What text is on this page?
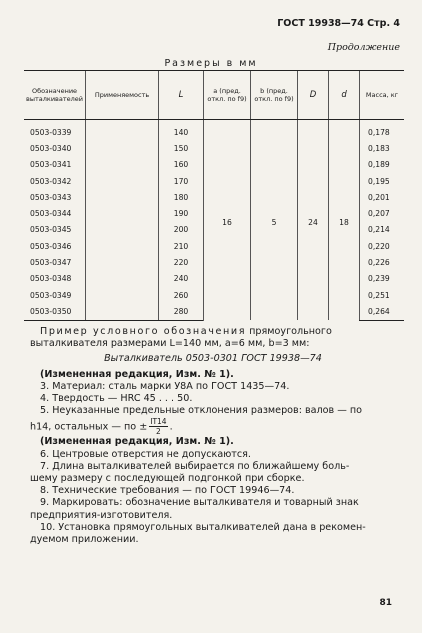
ГОСТ 19938—74 Стр. 4
Продолжение
Размеры в мм
Обозначение выталкивателей	Применяемость	L	a (пред. откл. по f9)	b (пред. откл. по f9)	D	d	Масса, кг
0503-0339		140	16	5	24	18	0,178
0503-0340		150					0,183
0503-0341		160					0,189
0503-0342		170					0,195
0503-0343		180					0,201
0503-0344		190					0,207
0503-0345		200					0,214
0503-0346		210					0,220
0503-0347		220					0,226
0503-0348		240					0,239
0503-0349		260					0,251
0503-0350		280					0,264

Пример условного обозначения прямоугольного

выталкивателя размерами L=140 мм, a=6 мм, b=3 мм:

Выталкиватель 0503-0301 ГОСТ 19938—74

(Измененная редакция, Изм. № 1).

3. Материал: сталь марки У8А по ГОСТ 1435—74.

4. Твердость — HRC 45 . . . 50.

5. Неуказанные предельные отклонения размеров: валов — по

h14, остальных — по ± $\frac{IT14}{2}$ .

(Измененная редакция, Изм. № 1).

6. Центровые отверстия не допускаются.

7. Длина выталкивателей выбирается по ближайшему боль-

шему размеру с последующей подгонкой при сборке.

8. Технические требования — по ГОСТ 19946—74.

9. Маркировать: обозначение выталкивателя и товарный знак

предприятия-изготовителя.

10. Установка прямоугольных выталкивателей дана в рекомен-

дуемом приложении.

81
